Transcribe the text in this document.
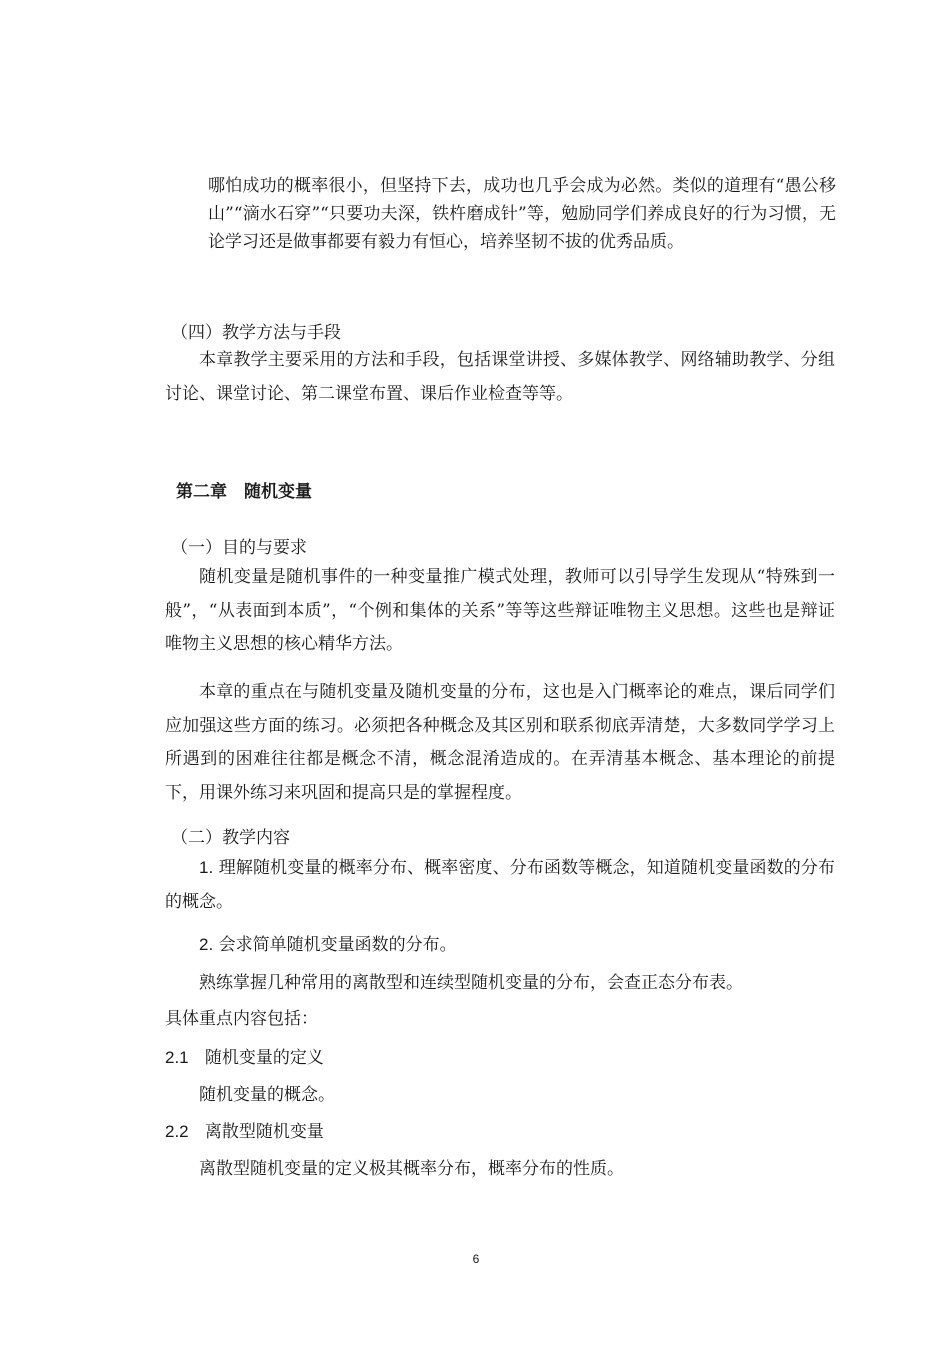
哪怕成功的概率很小，但坚持下去，成功也几乎会成为必然。类似的道理有“愚公移山”“滴水石穿”“只要功夫深，铁杵磨成针”等，勉励同学们养成良好的行为习惯，无论学习还是做事都要有毅力有恒心，培养坚韧不拔的优秀品质。

（四）教学方法与手段

本章教学主要采用的方法和手段，包括课堂讲授、多媒体教学、网络辅助教学、分组讨论、课堂讨论、第二课堂布置、课后作业检查等等。

第二章　随机变量
（一）目的与要求

随机变量是随机事件的一种变量推广模式处理，教师可以引导学生发现从“特殊到一般”，“从表面到本质”，“个例和集体的关系”等等这些辩证唯物主义思想。这些也是辩证唯物主义思想的核心精华方法。

本章的重点在与随机变量及随机变量的分布，这也是入门概率论的难点，课后同学们应加强这些方面的练习。必须把各种概念及其区别和联系彻底弄清楚，大多数同学学习上所遇到的困难往往都是概念不清，概念混淆造成的。在弄清基本概念、基本理论的前提下，用课外练习来巩固和提高只是的掌握程度。

（二）教学内容

1. 理解随机变量的概率分布、概率密度、分布函数等概念，知道随机变量函数的分布的概念。

2. 会求简单随机变量函数的分布。
熟练掌握几种常用的离散型和连续型随机变量的分布，会查正态分布表。
具体重点内容包括：
2.1 随机变量的定义
随机变量的概念。
2.2 离散型随机变量
离散型随机变量的定义极其概率分布，概率分布的性质。
6
